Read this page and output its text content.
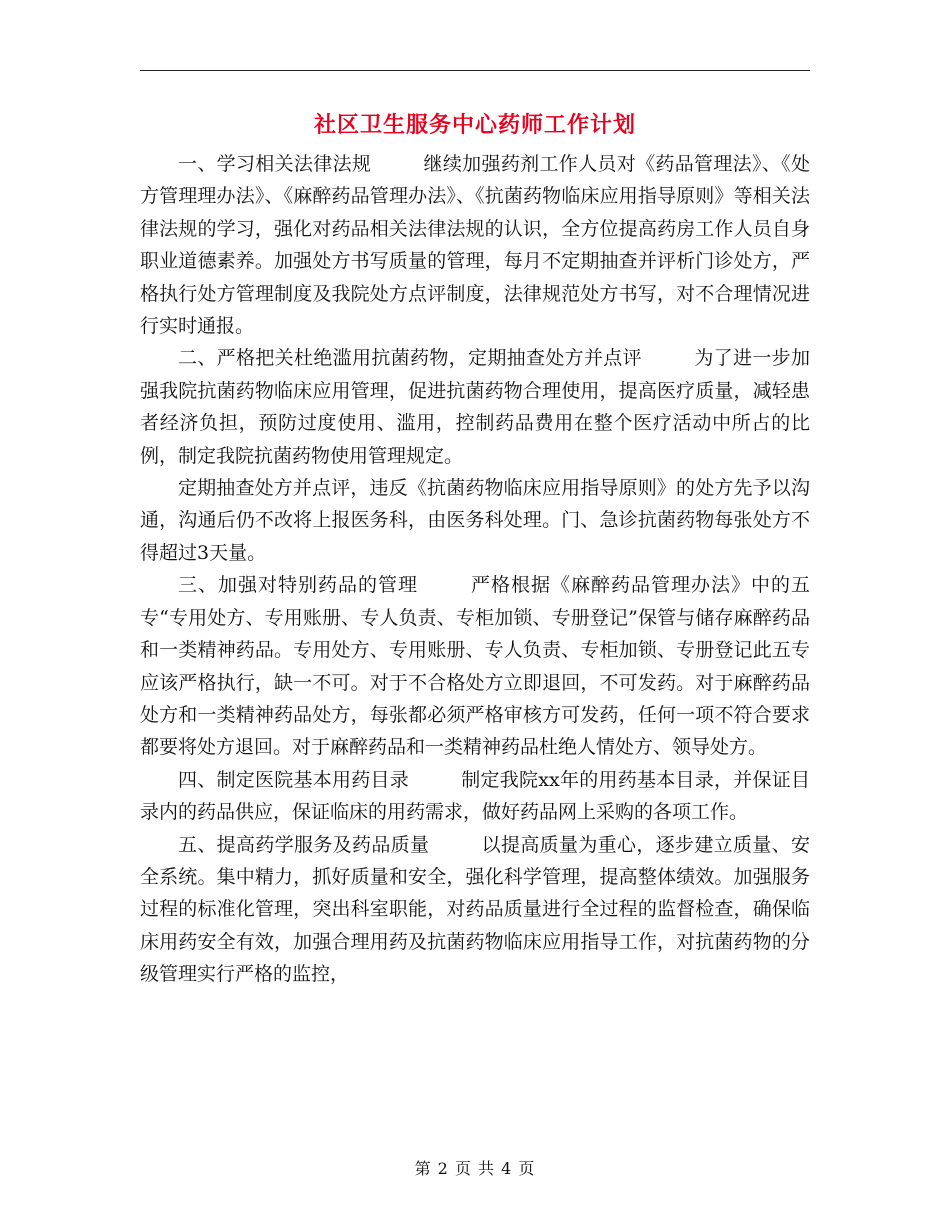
社区卫生服务中心药师工作计划

一、学习相关法律法规	继续加强药剂工作人员对《药品管理法》、《处方管理理办法》、《麻醉药品管理办法》、《抗菌药物临床应用指导原则》等相关法律法规的学习，强化对药品相关法律法规的认识，全方位提高药房工作人员自身职业道德素养。加强处方书写质量的管理，每月不定期抽查并评析门诊处方，严格执行处方管理制度及我院处方点评制度，法律规范处方书写，对不合理情况进行实时通报。

二、严格把关杜绝滥用抗菌药物，定期抽查处方并点评	为了进一步加强我院抗菌药物临床应用管理，促进抗菌药物合理使用，提高医疗质量，减轻患者经济负担，预防过度使用、滥用，控制药品费用在整个医疗活动中所占的比例，制定我院抗菌药物使用管理规定。

定期抽查处方并点评，违反《抗菌药物临床应用指导原则》的处方先予以沟通，沟通后仍不改将上报医务科，由医务科处理。门、急诊抗菌药物每张处方不得超过3天量。

三、加强对特别药品的管理	严格根据《麻醉药品管理办法》中的五专“专用处方、专用账册、专人负责、专柜加锁、专册登记”保管与储存麻醉药品和一类精神药品。专用处方、专用账册、专人负责、专柜加锁、专册登记此五专应该严格执行，缺一不可。对于不合格处方立即退回，不可发药。对于麻醉药品处方和一类精神药品处方，每张都必须严格审核方可发药，任何一项不符合要求都要将处方退回。对于麻醉药品和一类精神药品杜绝人情处方、领导处方。

四、制定医院基本用药目录	制定我院xx年的用药基本目录，并保证目录内的药品供应，保证临床的用药需求，做好药品网上采购的各项工作。

五、提高药学服务及药品质量	以提高质量为重心，逐步建立质量、安全系统。集中精力，抓好质量和安全，强化科学管理，提高整体绩效。加强服务过程的标准化管理，突出科室职能，对药品质量进行全过程的监督检查，确保临床用药安全有效，加强合理用药及抗菌药物临床应用指导工作，对抗菌药物的分级管理实行严格的监控，

第 2 页 共 4 页
